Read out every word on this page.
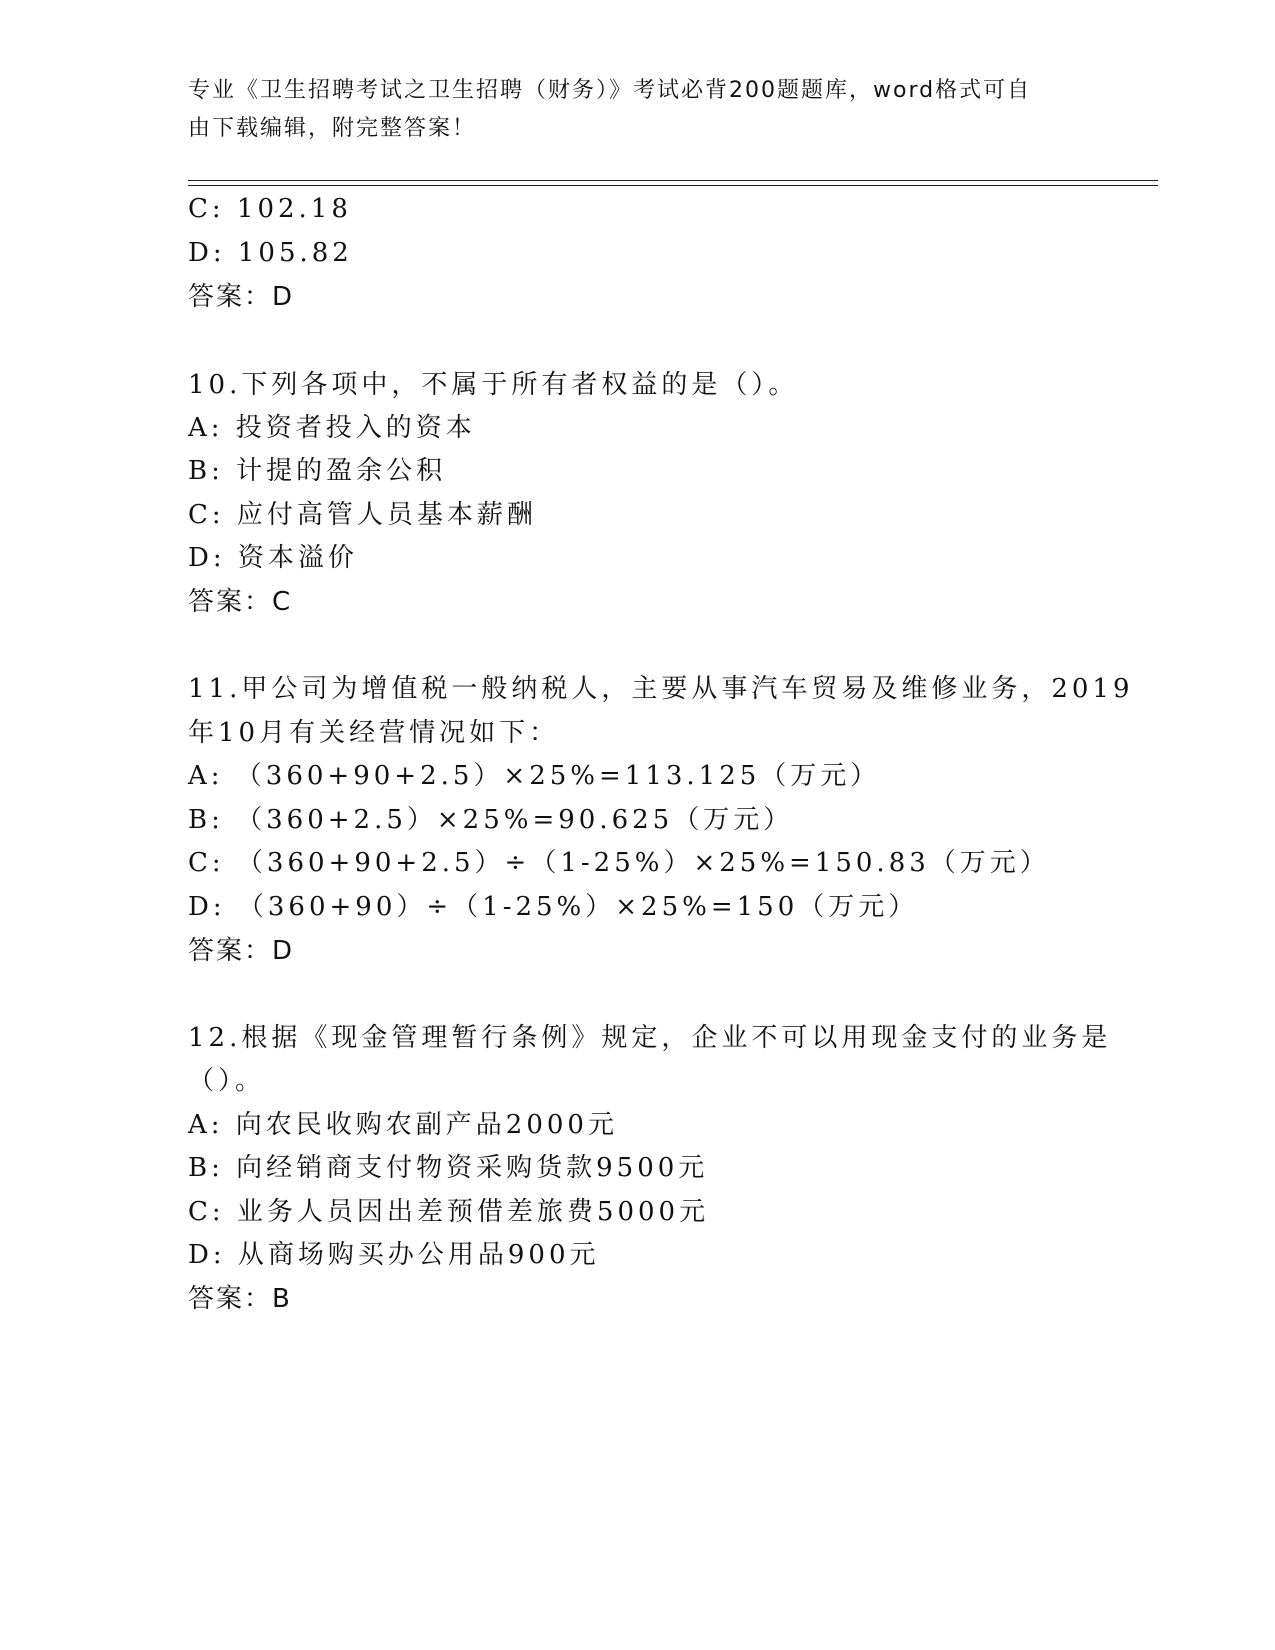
专业《卫生招聘考试之卫生招聘（财务）》考试必背200题题库，word格式可自
由下载编辑，附完整答案！
C: 102.18
D: 105.82
答案：D
10.下列各项中，不属于所有者权益的是（）。
A: 投资者投入的资本
B: 计提的盈余公积
C: 应付高管人员基本薪酬
D: 资本溢价
答案：C
11.甲公司为增值税一般纳税人，主要从事汽车贸易及维修业务，2019
年10月有关经营情况如下：
A: （360+90+2.5）×25%=113.125（万元）
B: （360+2.5）×25%=90.625（万元）
C: （360+90+2.5）÷（1-25%）×25%=150.83（万元）
D: （360+90）÷（1-25%）×25%=150（万元）
答案：D
12.根据《现金管理暂行条例》规定，企业不可以用现金支付的业务是
（）。
A: 向农民收购农副产品2000元
B: 向经销商支付物资采购货款9500元
C: 业务人员因出差预借差旅费5000元
D: 从商场购买办公用品900元
答案：B
